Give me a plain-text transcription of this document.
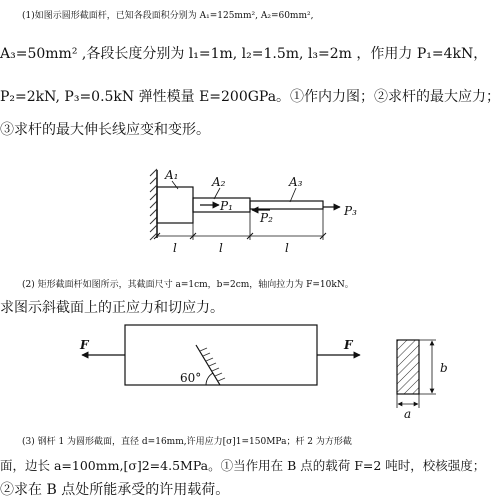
(1)如图示圆形截面杆，已知各段面积分别为 A₁=125mm², A₂=60mm²,
A₃=50mm² ,各段长度分别为 l₁=1m, l₂=1.5m, l₃=2m ，作用力 P₁=4kN，
P₂=2kN, P₃=0.5kN 弹性模量 E=200GPa。①作内力图；②求杆的最大应力；
③求杆的最大伸长线应变和变形。
A₁	A₂	A₃
P₁
P₂	P₃
l	l	l
F	F
60°
b
a
(2) 矩形截面杆如图所示，其截面尺寸 a=1cm，b=2cm，轴向拉力为 F=10kN。
求图示斜截面上的正应力和切应力。
(3) 钢杆 1 为圆形截面，直径 d=16mm,许用应力[σ]1=150MPa；杆 2 为方形截
面，边长 a=100mm,[σ]2=4.5MPa。①当作用在 B 点的载荷 F=2 吨时，校核强度；
②求在 B 点处所能承受的许用载荷。
